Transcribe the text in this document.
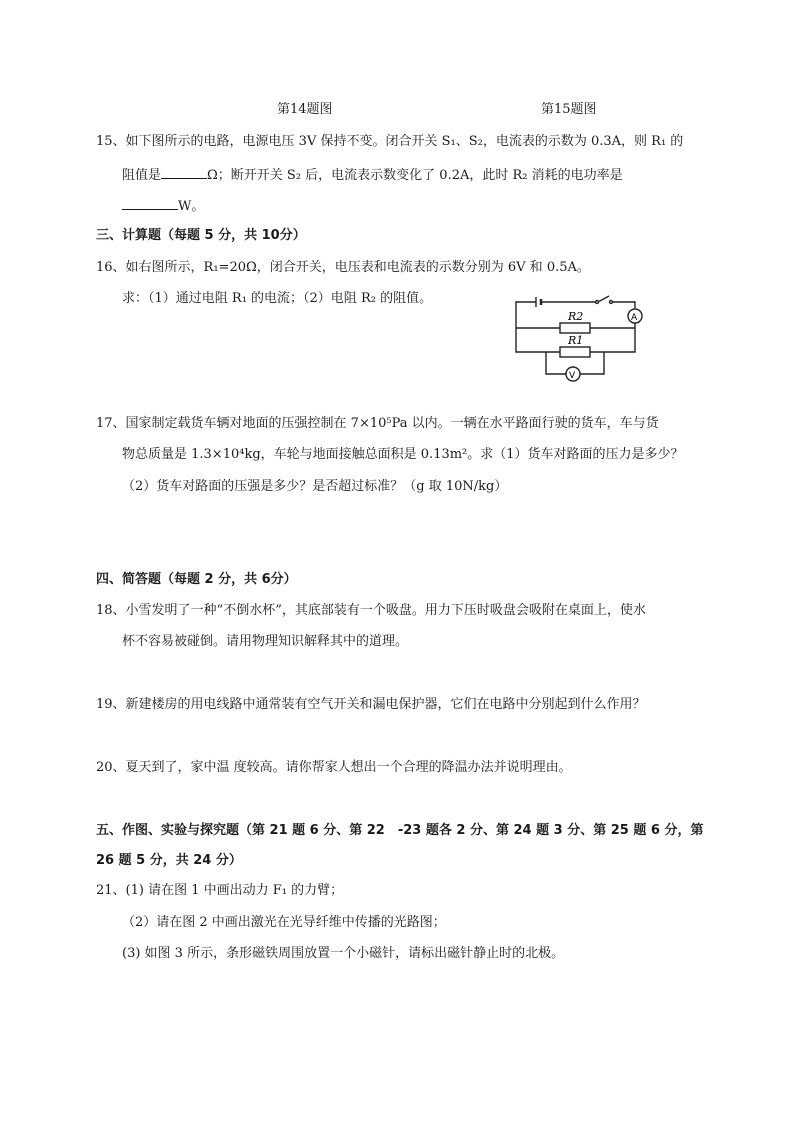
第14题图	第15题图
15、如下图所示的电路，电源电压 3V 保持不变。闭合开关 S₁、S₂，电流表的示数为 0.3A，则 R₁ 的
阻值是	Ω；断开开关 S₂ 后，电流表示数变化了 0.2A，此时 R₂ 消耗的电功率是
W。
三、计算题（每题 5 分，共 10分）
16、如右图所示，R₁=20Ω，闭合开关，电压表和电流表的示数分别为 6V 和 0.5A。
求：（1）通过电阻 R₁ 的电流；（2）电阻 R₂ 的阻值。
R2
R1
A
V
17、国家制定载货车辆对地面的压强控制在 7×10⁵Pa 以内。一辆在水平路面行驶的货车，车与货
物总质量是 1.3×10⁴kg，车轮与地面接触总面积是 0.13m²。求（1）货车对路面的压力是多少？
（2）货车对路面的压强是多少？是否超过标准？（g 取 10N/kg）
四、简答题（每题 2 分，共 6分）
18、小雪发明了一种“不倒水杯”，其底部装有一个吸盘。用力下压时吸盘会吸附在桌面上，使水
杯不容易被碰倒。请用物理知识解释其中的道理。
19、新建楼房的用电线路中通常装有空气开关和漏电保护器，它们在电路中分别起到什么作用？
20、夏天到了，家中温 度较高。请你帮家人想出一个合理的降温办法并说明理由。
五、作图、实验与探究题（第 21 题 6 分、第 22　-23 题各 2 分、第 24 题 3 分、第 25 题 6 分，第
26 题 5 分，共 24 分）
21、(1) 请在图 1 中画出动力 F₁ 的力臂；
（2）请在图 2 中画出激光在光导纤维中传播的光路图；
(3) 如图 3 所示，条形磁铁周围放置一个小磁针，请标出磁针静止时的北极。
